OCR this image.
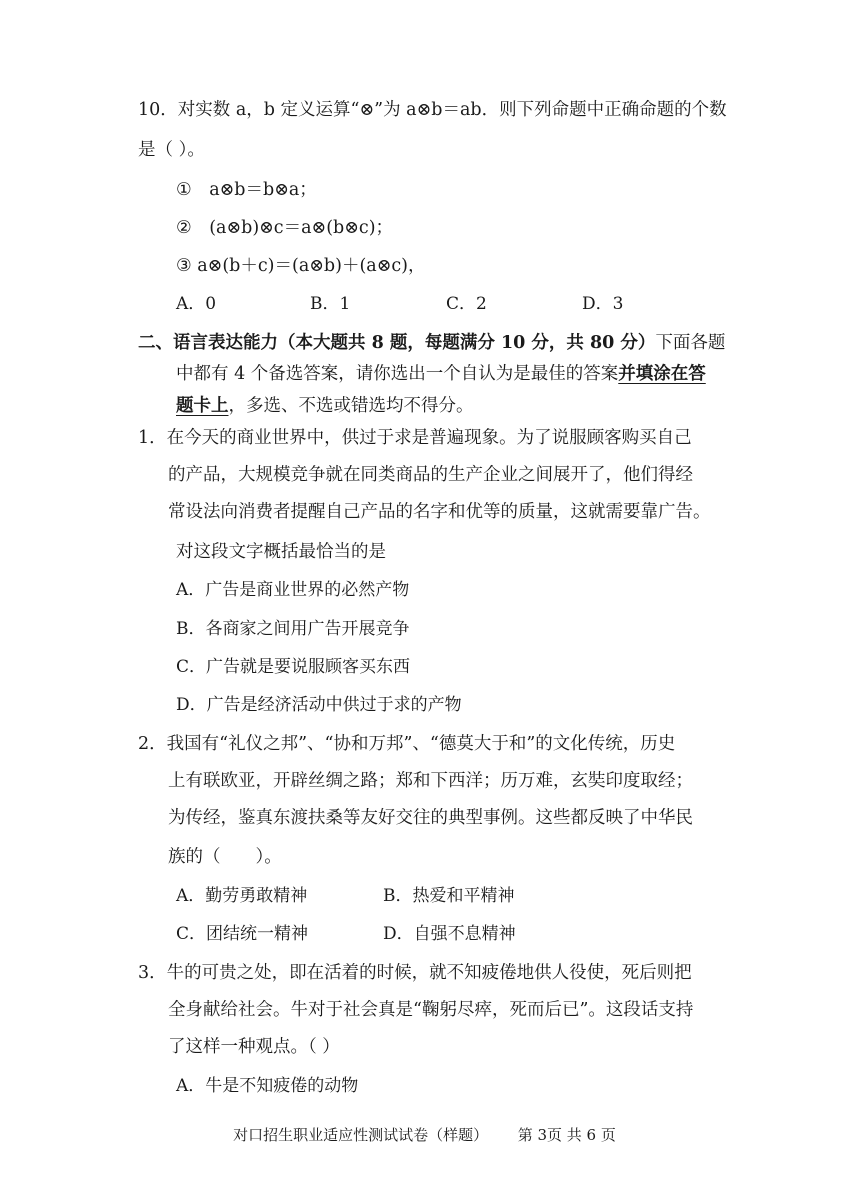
10．对实数 a，b 定义运算“⊗”为 a⊗b＝ab．则下列命题中正确命题的个数
是（ ）。
①　a⊗b＝b⊗a；
②　(a⊗b)⊗c＝a⊗(b⊗c)；
③ a⊗(b＋c)＝(a⊗b)＋(a⊗c)，
A．0	B．1	C．2	D．3
二、语言表达能力（本大题共 8 题，每题满分 10 分，共 80 分）下面各题
中都有 4 个备选答案，请你选出一个自认为是最佳的答案并填涂在答
题卡上，多选、不选或错选均不得分。
1．在今天的商业世界中，供过于求是普遍现象。为了说服顾客购买自己
的产品，大规模竞争就在同类商品的生产企业之间展开了，他们得经
常设法向消费者提醒自己产品的名字和优等的质量，这就需要靠广告。
对这段文字概括最恰当的是
A．广告是商业世界的必然产物
B．各商家之间用广告开展竞争
C．广告就是要说服顾客买东西
D．广告是经济活动中供过于求的产物
2．我国有“礼仪之邦”、“协和万邦”、“德莫大于和”的文化传统，历史
上有联欧亚，开辟丝绸之路；郑和下西洋；历万难，玄奘印度取经；
为传经，鉴真东渡扶桑等友好交往的典型事例。这些都反映了中华民
族的（　　）。
A．勤劳勇敢精神	B．热爱和平精神
C．团结统一精神	D．自强不息精神
3．牛的可贵之处，即在活着的时候，就不知疲倦地供人役使，死后则把
全身献给社会。牛对于社会真是“鞠躬尽瘁，死而后已”。这段话支持
了这样一种观点。（ ）
A．牛是不知疲倦的动物
对口招生职业适应性测试试卷（样题） 第 3页 共 6 页
